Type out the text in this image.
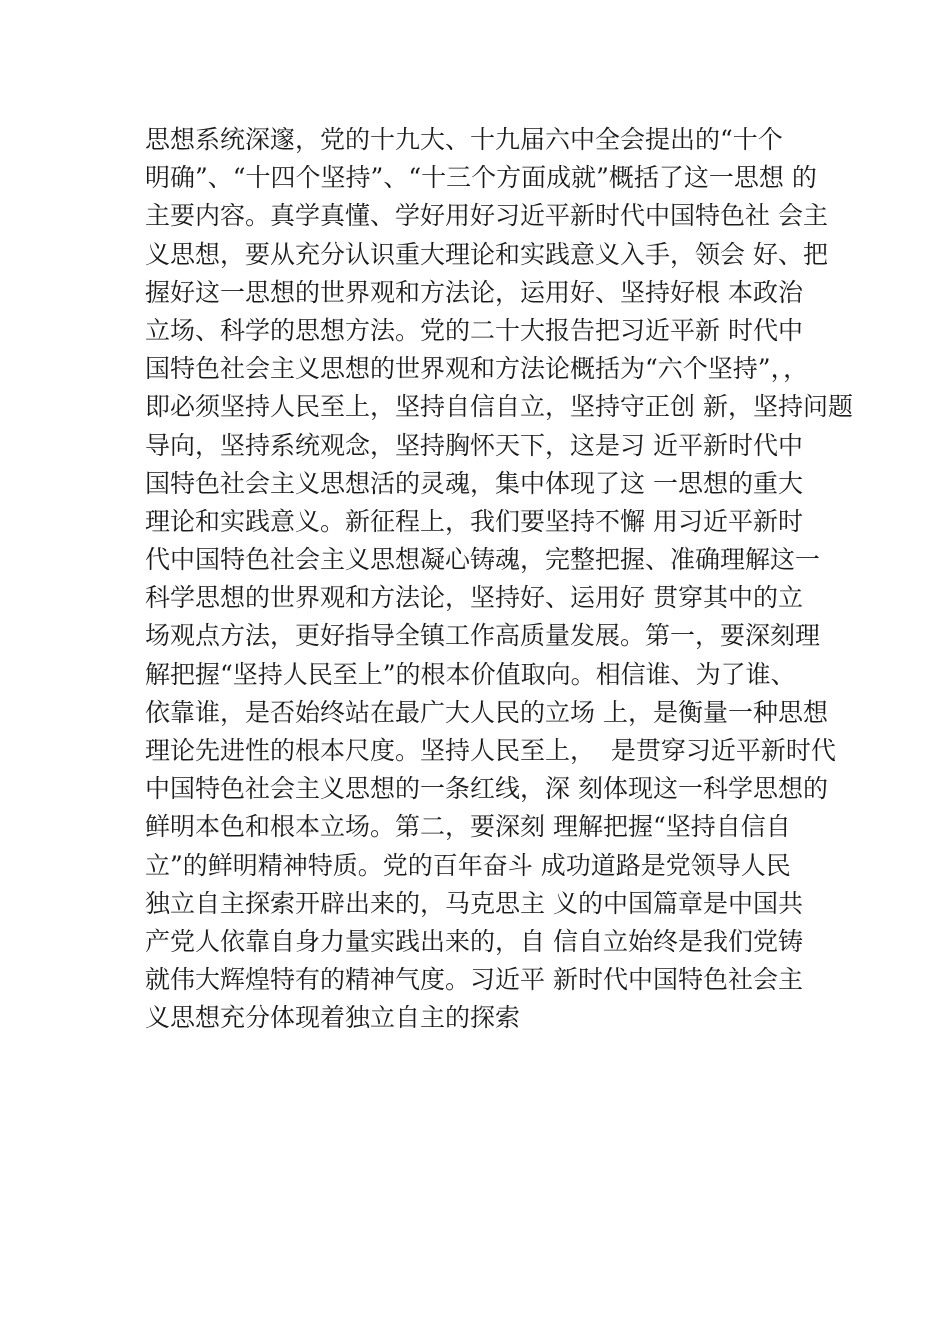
思想系统深邃，党的十九大、十九届六中全会提出的“十个
明确”、“十四个坚持”、“十三个方面成就”概括了这一思想 的
主要内容。真学真懂、学好用好习近平新时代中国特色社 会主
义思想，要从充分认识重大理论和实践意义入手，领会 好、把
握好这一思想的世界观和方法论，运用好、坚持好根 本政治
立场、科学的思想方法。党的二十大报告把习近平新 时代中
国特色社会主义思想的世界观和方法论概括为“六个坚持”，，
即必须坚持人民至上，坚持自信自立，坚持守正创 新，坚持问题
导向，坚持系统观念，坚持胸怀天下，这是习 近平新时代中
国特色社会主义思想活的灵魂，集中体现了这 一思想的重大
理论和实践意义。新征程上，我们要坚持不懈 用习近平新时
代中国特色社会主义思想凝心铸魂，完整把握、准确理解这一
科学思想的世界观和方法论，坚持好、运用好 贯穿其中的立
场观点方法，更好指导全镇工作高质量发展。第一，要深刻理
解把握“坚持人民至上”的根本价值取向。相信谁、为了谁、
依靠谁，是否始终站在最广大人民的立场 上，是衡量一种思想
理论先进性的根本尺度。坚持人民至上，  是贯穿习近平新时代
中国特色社会主义思想的一条红线，深 刻体现这一科学思想的
鲜明本色和根本立场。第二，要深刻 理解把握“坚持自信自
立”的鲜明精神特质。党的百年奋斗 成功道路是党领导人民
独立自主探索开辟出来的，马克思主 义的中国篇章是中国共
产党人依靠自身力量实践出来的，自 信自立始终是我们党铸
就伟大辉煌特有的精神气度。习近平 新时代中国特色社会主
义思想充分体现着独立自主的探索
